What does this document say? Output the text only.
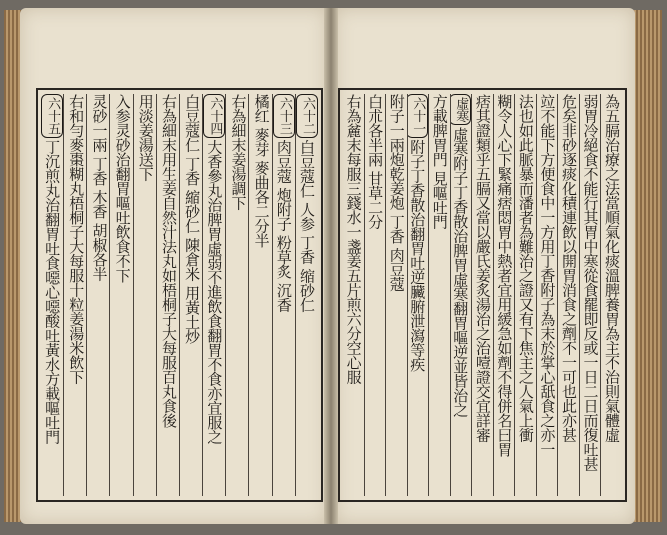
六十二白豆蔻仁 人参 丁香 缩砂仁
六十三肉豆蔻 炮附子 粉草炙 沉香
橘红 麥芽 麥曲各二分半
右為細末姜湯調下
六十四大香參丸治脾胃虛弱不進飲食翻胃不食亦宜服之
白豆蔻仁 丁香 縮砂仁 陳倉米 用黃土炒
右為細末用生姜自然汁法丸如梧桐子大每服百丸食後
用淡姜湯送下
入参灵砂治翻胃嘔吐飲食不下
灵砂一兩 丁香 木香 胡椒各半
右和勻麥棗糊丸梧桐子大每服十粒姜湯米飲下
六十五丁沉煎丸治翻胃吐食噁心噁酸吐黃水方載嘔吐門	為五膈治療之法當順氣化痰溫脾養胃為主不治則氣體虛
弱胃冷絕食不能行其胃中寒從食罷即反或一日二日而復吐甚
危矣非砂逐痰化積連飲以開胃消食之劑不一可也此亦甚
竝不能下方便食中一方用丁香附子為末於掌心舐食之亦一
法也如此脈暴而潘者為難治之證又有下焦主之人氣上衝
糊令人心下緊痛痞悶胃中熱者宜用緩急如劑不得併名曰胃
痞其證類乎五膈又當以嚴氏姜炙湯治之治噎證交宜詳審
虛寒虛寒附子丁香散治脾胃虛寒翻胃嘔逆並皆治之
方載脾胃門 見嘔吐門
六十一附子丁香散治翻胃吐逆臟腑泄瀉等疾
附子一兩炮乾姜炮 丁香 肉豆蔻
白朮各半兩 甘草二分
右為麄末每服三錢水一盞姜五片煎六分空心服
